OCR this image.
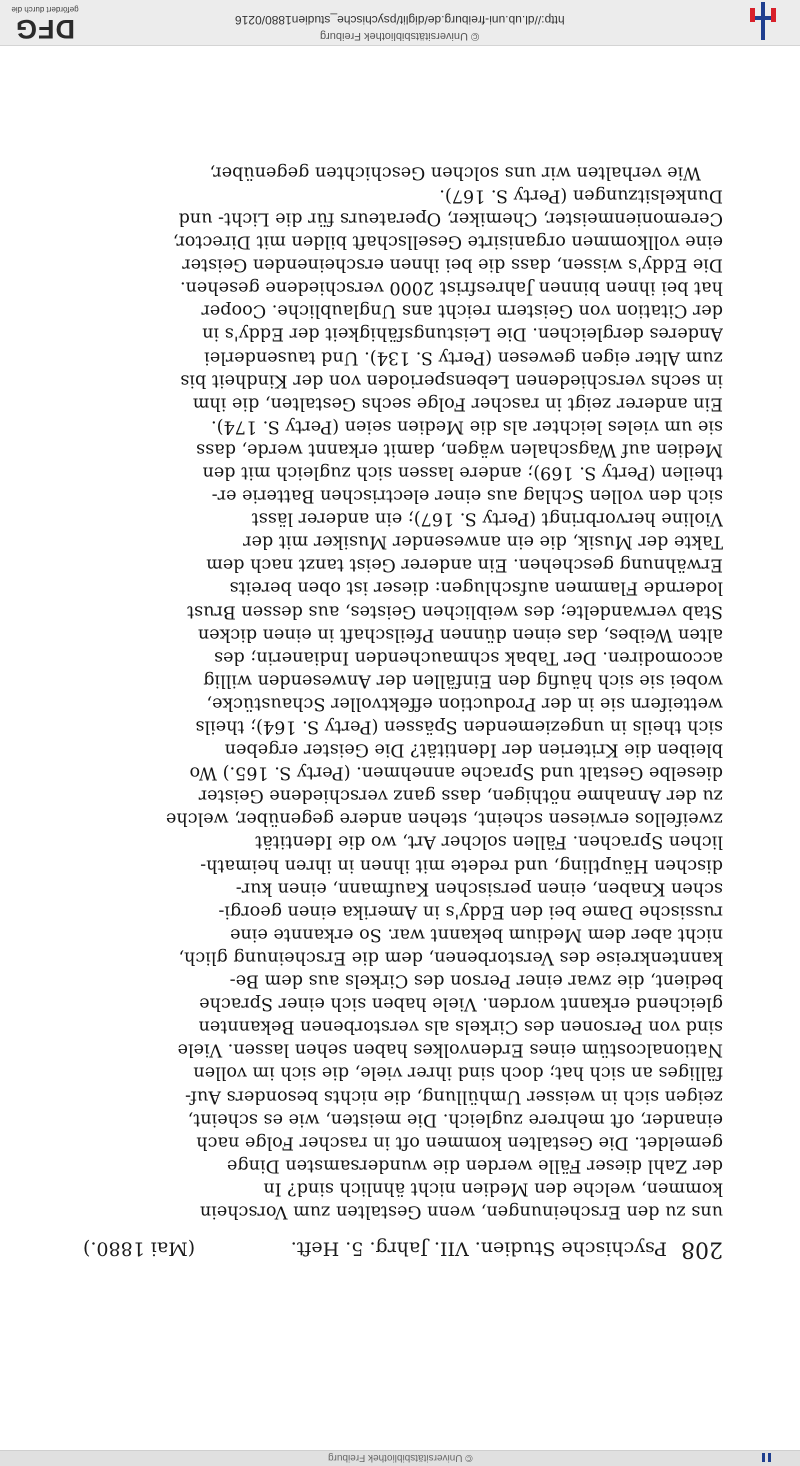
DFG
gefördert durch die
http://dl.ub.uni-freiburg.de/diglit/psychische_studien1880/0216
© Universitätsbibliothek Freiburg
208
Psychische Studien. VII. Jahrg. 5. Heft.
(Mai 1880.)
uns zu den Erscheinungen, wenn Gestalten zum Vorschein
kommen, welche den Medien nicht ähnlich sind? In
der Zahl dieser Fälle werden die wundersamsten Dinge
gemeldet. Die Gestalten kommen oft in rascher Folge nach
einander, oft mehrere zugleich. Die meisten, wie es scheint,
zeigen sich in weisser Umhüllung, die nichts besonders Auf-
fälliges an sich hat; doch sind ihrer viele, die sich im vollen
Nationalcostüm eines Erdenvolkes haben sehen lassen. Viele
sind von Personen des Cirkels als verstorbenen Bekannten
gleichend erkannt worden. Viele haben sich einer Sprache
bedient, die zwar einer Person des Cirkels aus dem Be-
kanntenkreise des Verstorbenen, dem die Erscheinung glich,
nicht aber dem Medium bekannt war. So erkannte eine
russische Dame bei den Eddy's in Amerika einen georgi-
schen Knaben, einen persischen Kaufmann, einen kur-
dischen Häuptling, und redete mit ihnen in ihren heimath-
lichen Sprachen. Fällen solcher Art, wo die Identität
zweifellos erwiesen scheint, stehen andere gegenüber, welche
zu der Annahme nöthigen, dass ganz verschiedene Geister
dieselbe Gestalt und Sprache annehmen. (Perty S. 165.) Wo
bleiben die Kriterien der Identität? Die Geister ergeben
sich theils in ungeziemenden Spässen (Perty S. 164); theils
wetteifern sie in der Production effektvoller Schaustücke,
wobei sie sich häufig den Einfällen der Anwesenden willig
accomodiren. Der Tabak schmauchenden Indianerin; des
alten Weibes, das einen dünnen Pfeilschaft in einen dicken
Stab verwandelte; des weiblichen Geistes, aus dessen Brust
lodernde Flammen aufschlugen: dieser ist oben bereits
Erwähnung geschehen. Ein anderer Geist tanzt nach dem
Takte der Musik, die ein anwesender Musiker mit der
Violine hervorbringt (Perty S. 167); ein anderer lässt
sich den vollen Schlag aus einer electrischen Batterie er-
theilen (Perty S. 169); andere lassen sich zugleich mit den
Medien auf Wagschalen wägen, damit erkannt werde, dass
sie um vieles leichter als die Medien seien (Perty S. 174).
Ein anderer zeigt in rascher Folge sechs Gestalten, die ihm
in sechs verschiedenen Lebensperioden von der Kindheit bis
zum Alter eigen gewesen (Perty S. 134). Und tausenderlei
Anderes dergleichen. Die Leistungsfähigkeit der Eddy's in
der Citation von Geistern reicht ans Unglaubliche. Cooper
hat bei ihnen binnen Jahresfrist 2000 verschiedene gesehen.
Die Eddy's wissen, dass die bei ihnen erscheinenden Geister
eine vollkommen organisirte Gesellschaft bilden mit Director,
Ceremonienmeister, Chemiker, Operateurs für die Licht- und
Dunkelsitzungen (Perty S. 167).
Wie verhalten wir uns solchen Geschichten gegenüber,
© Universitätsbibliothek Freiburg
